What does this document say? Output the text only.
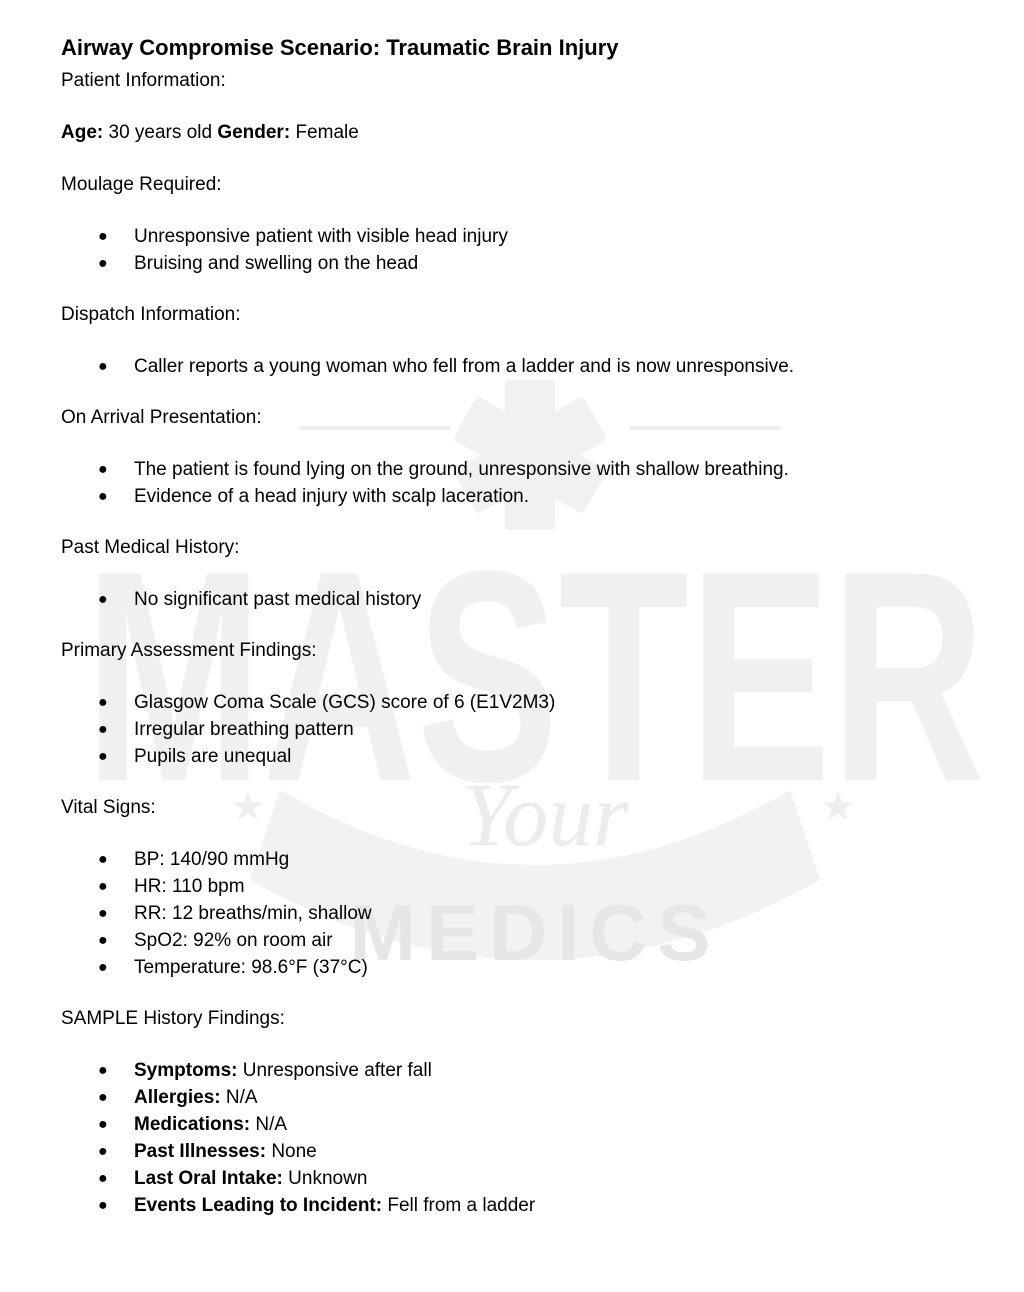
MASTER
Your
MEDICS
★	★
Airway Compromise Scenario: Traumatic Brain Injury

Patient Information:

Age: 30 years old Gender: Female

Moulage Required:

● Unresponsive patient with visible head injury
● Bruising and swelling on the head

Dispatch Information:

● Caller reports a young woman who fell from a ladder and is now unresponsive.

On Arrival Presentation:

● The patient is found lying on the ground, unresponsive with shallow breathing.
● Evidence of a head injury with scalp laceration.

Past Medical History:

● No significant past medical history

Primary Assessment Findings:

● Glasgow Coma Scale (GCS) score of 6 (E1V2M3)
● Irregular breathing pattern
● Pupils are unequal

Vital Signs:

● BP: 140/90 mmHg
● HR: 110 bpm
● RR: 12 breaths/min, shallow
● SpO2: 92% on room air
● Temperature: 98.6°F (37°C)

SAMPLE History Findings:

● Symptoms: Unresponsive after fall
● Allergies: N/A
● Medications: N/A
● Past Illnesses: None
● Last Oral Intake: Unknown
● Events Leading to Incident: Fell from a ladder
